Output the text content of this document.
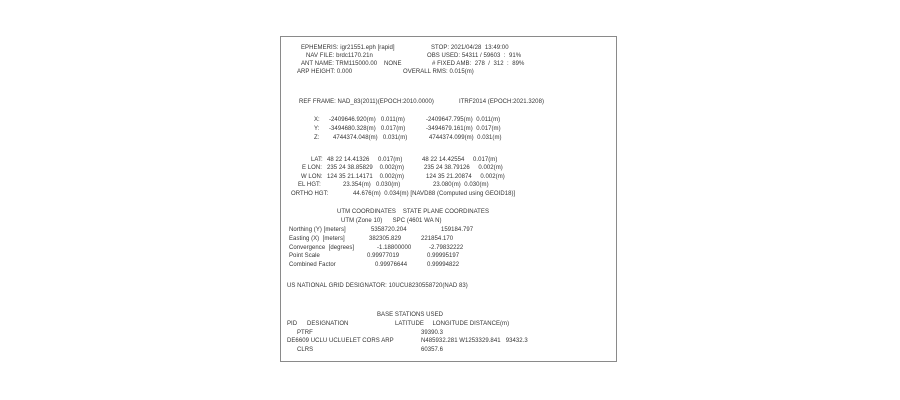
EPHEMERIS: igr21551.eph [rapid]	STOP: 2021/04/28  13:49:00
NAV FILE: brdc1170.21n	OBS USED: 54311 / 59603  :  91%
ANT NAME: TRM115000.00    NONE	# FIXED AMB:  278  /  312  :  89%
ARP HEIGHT: 0.000	OVERALL RMS: 0.015(m)
REF FRAME: NAD_83(2011)(EPOCH:2010.0000)	ITRF2014 (EPOCH:2021.3208)
X: -2409646.920(m)   0.011(m)	-2409647.795(m)  0.011(m)
Y: -3494680.328(m)   0.017(m)	-3494679.161(m)  0.017(m)
Z: 4744374.048(m)   0.031(m)	4744374.099(m)  0.031(m)
LAT: 48 22 14.41326     0.017(m)	48 22 14.42554     0.017(m)
E LON: 235 24 38.85829    0.002(m)	235 24 38.79126     0.002(m)
W LON: 124 35 21.14171    0.002(m)	124 35 21.20874     0.002(m)
EL HGT:	23.354(m)   0.030(m)	23.080(m)  0.030(m)
ORTHO HGT:	44.676(m)  0.034(m) [NAVD88 (Computed using GEOID18)]
UTM COORDINATES    STATE PLANE COORDINATES
UTM (Zone 10)      SPC (4601 WA N)
Northing (Y) [meters]	5358720.204	159184.797
Easting (X)  [meters]	382305.829	221854.170
Convergence  [degrees]	-1.18800000	-2.79832222
Point Scale	0.99977019	0.99995197
Combined Factor	0.99976644	0.99994822
US NATIONAL GRID DESIGNATOR: 10UCU8230558720(NAD 83)
BASE STATIONS USED
PID DESIGNATION	LATITUDE     LONGITUDE DISTANCE(m)
PTRF	39390.3
DE6609 UCLU UCLUELET CORS ARP	N485932.281 W1253329.841   93432.3
CLRS	60357.6
